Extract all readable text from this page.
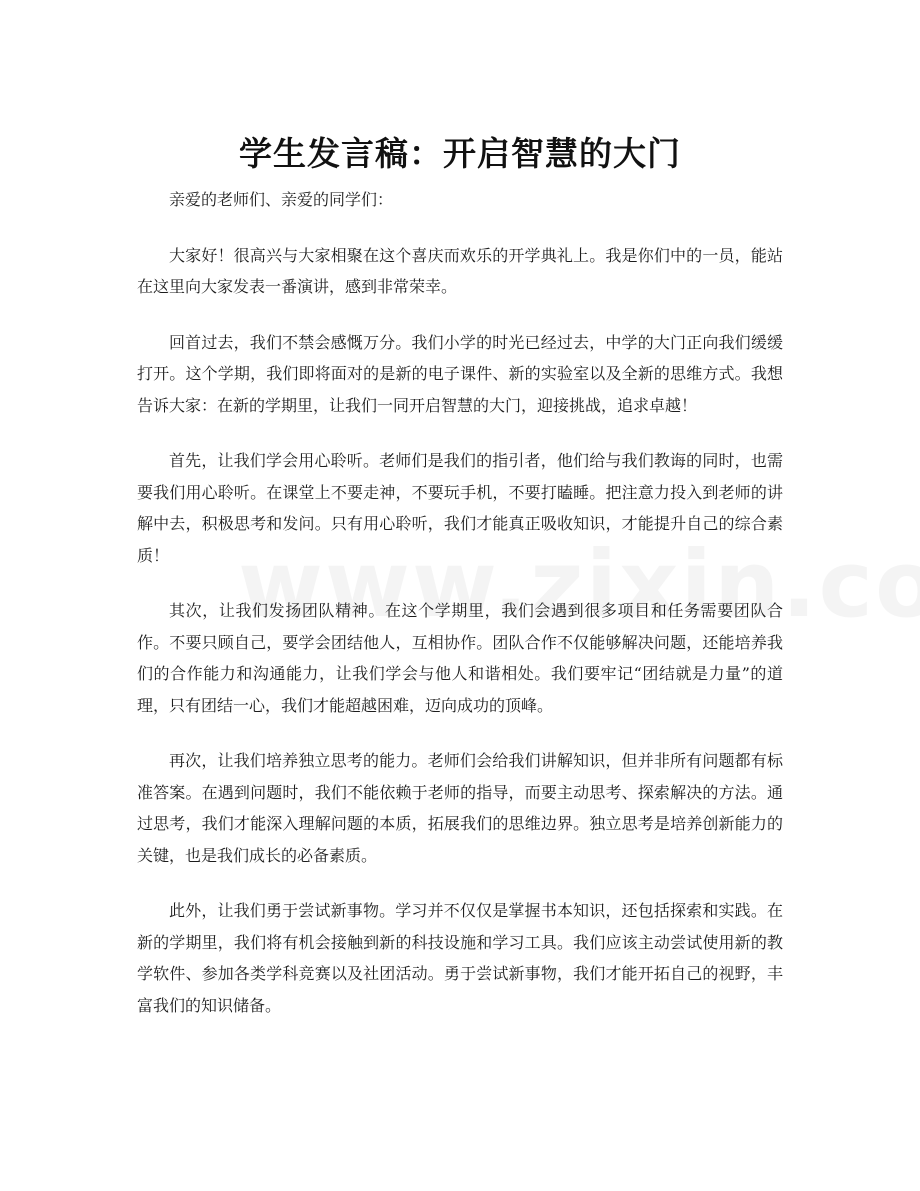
学生发言稿：开启智慧的大门

亲爱的老师们、亲爱的同学们：

大家好！很高兴与大家相聚在这个喜庆而欢乐的开学典礼上。我是你们中的一员，能站在这里向大家发表一番演讲，感到非常荣幸。

回首过去，我们不禁会感慨万分。我们小学的时光已经过去，中学的大门正向我们缓缓打开。这个学期，我们即将面对的是新的电子课件、新的实验室以及全新的思维方式。我想告诉大家：在新的学期里，让我们一同开启智慧的大门，迎接挑战，追求卓越！

首先，让我们学会用心聆听。老师们是我们的指引者，他们给与我们教诲的同时，也需要我们用心聆听。在课堂上不要走神，不要玩手机，不要打瞌睡。把注意力投入到老师的讲解中去，积极思考和发问。只有用心聆听，我们才能真正吸收知识，才能提升自己的综合素质！

其次，让我们发扬团队精神。在这个学期里，我们会遇到很多项目和任务需要团队合作。不要只顾自己，要学会团结他人，互相协作。团队合作不仅能够解决问题，还能培养我们的合作能力和沟通能力，让我们学会与他人和谐相处。我们要牢记“团结就是力量”的道理，只有团结一心，我们才能超越困难，迈向成功的顶峰。

再次，让我们培养独立思考的能力。老师们会给我们讲解知识，但并非所有问题都有标准答案。在遇到问题时，我们不能依赖于老师的指导，而要主动思考、探索解决的方法。通过思考，我们才能深入理解问题的本质，拓展我们的思维边界。独立思考是培养创新能力的关键，也是我们成长的必备素质。

此外，让我们勇于尝试新事物。学习并不仅仅是掌握书本知识，还包括探索和实践。在新的学期里，我们将有机会接触到新的科技设施和学习工具。我们应该主动尝试使用新的教学软件、参加各类学科竞赛以及社团活动。勇于尝试新事物，我们才能开拓自己的视野，丰富我们的知识储备。
